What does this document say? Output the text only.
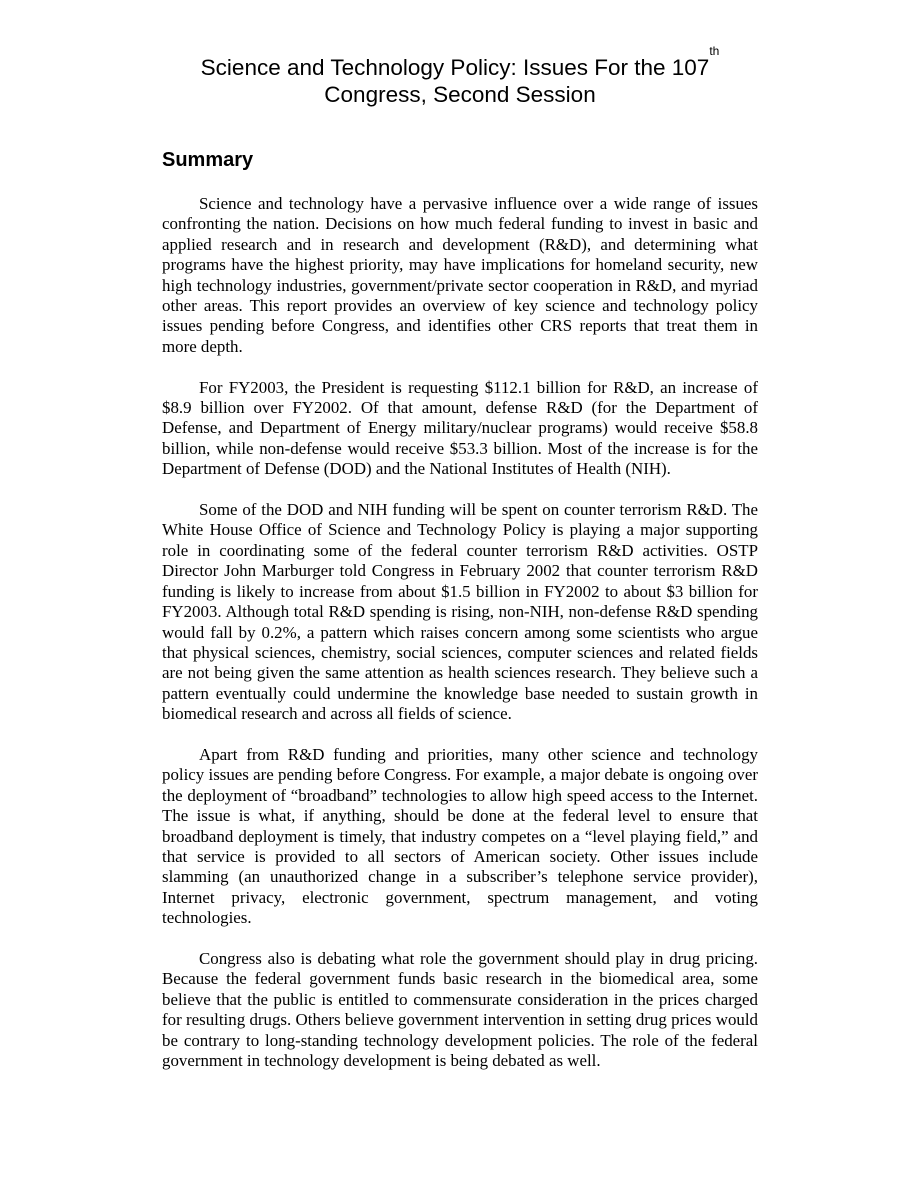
Science and Technology Policy: Issues For the 107th
Congress, Second Session
Summary

Science and technology have a pervasive influence over a wide range of issues confronting the nation. Decisions on how much federal funding to invest in basic and applied research and in research and development (R&D), and determining what programs have the highest priority, may have implications for homeland security, new high technology industries, government/private sector cooperation in R&D, and myriad other areas. This report provides an overview of key science and technology policy issues pending before Congress, and identifies other CRS reports that treat them in more depth.

For FY2003, the President is requesting $112.1 billion for R&D, an increase of $8.9 billion over FY2002. Of that amount, defense R&D (for the Department of Defense, and Department of Energy military/nuclear programs) would receive $58.8 billion, while non-defense would receive $53.3 billion. Most of the increase is for the Department of Defense (DOD) and the National Institutes of Health (NIH).

Some of the DOD and NIH funding will be spent on counter terrorism R&D. The White House Office of Science and Technology Policy is playing a major supporting role in coordinating some of the federal counter terrorism R&D activities. OSTP Director John Marburger told Congress in February 2002 that counter terrorism R&D funding is likely to increase from about $1.5 billion in FY2002 to about $3 billion for FY2003. Although total R&D spending is rising, non-NIH, non-defense R&D spending would fall by 0.2%, a pattern which raises concern among some scientists who argue that physical sciences, chemistry, social sciences, computer sciences and related fields are not being given the same attention as health sciences research. They believe such a pattern eventually could undermine the knowledge base needed to sustain growth in biomedical research and across all fields of science.

Apart from R&D funding and priorities, many other science and technology policy issues are pending before Congress. For example, a major debate is ongoing over the deployment of “broadband” technologies to allow high speed access to the Internet. The issue is what, if anything, should be done at the federal level to ensure that broadband deployment is timely, that industry competes on a “level playing field,” and that service is provided to all sectors of American society. Other issues include slamming (an unauthorized change in a subscriber’s telephone service provider), Internet privacy, electronic government, spectrum management, and voting technologies.

Congress also is debating what role the government should play in drug pricing. Because the federal government funds basic research in the biomedical area, some believe that the public is entitled to commensurate consideration in the prices charged for resulting drugs. Others believe government intervention in setting drug prices would be contrary to long-standing technology development policies. The role of the federal government in technology development is being debated as well.
